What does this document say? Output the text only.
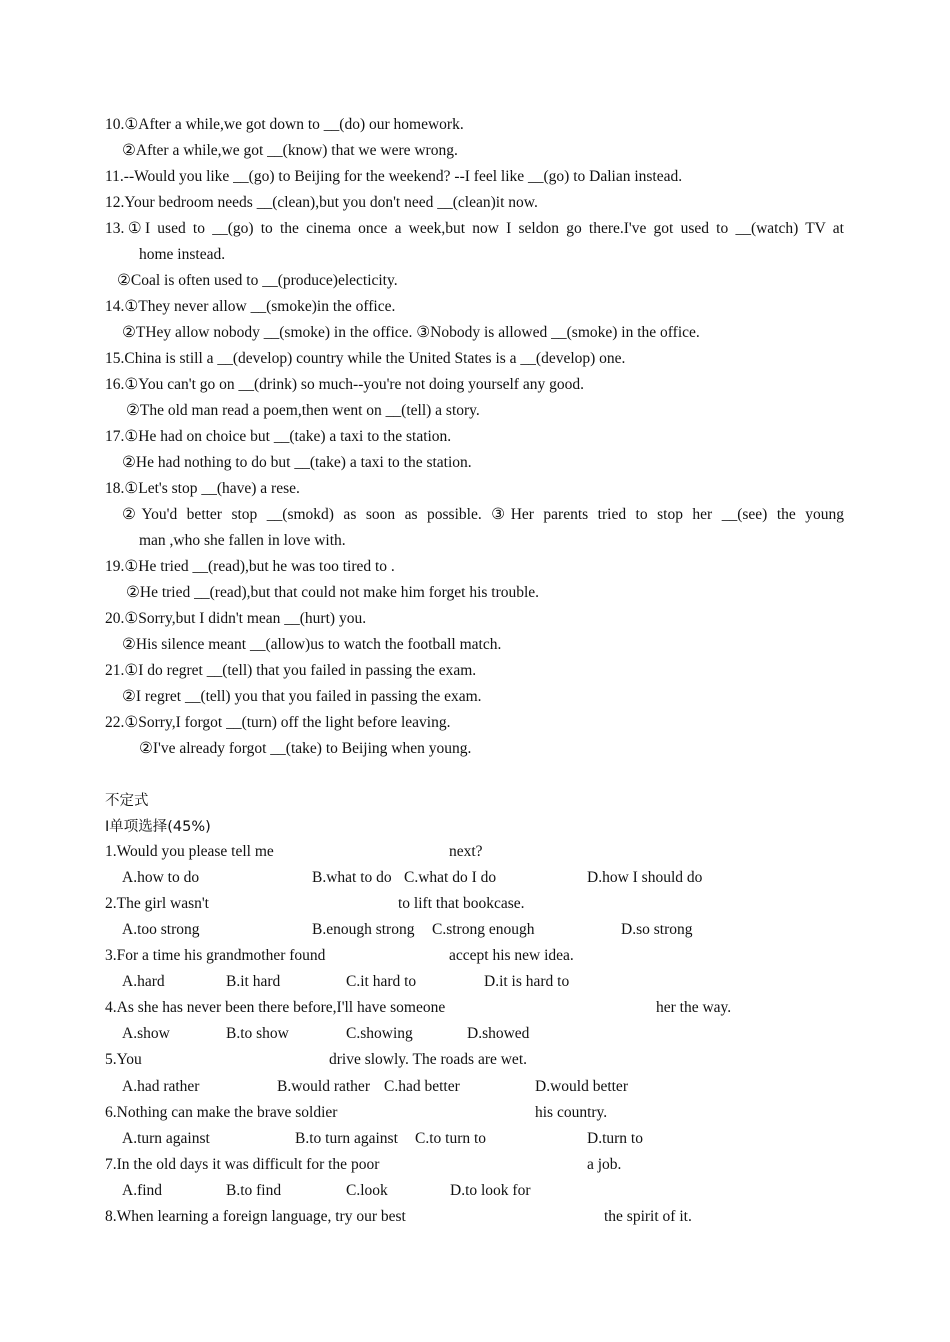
10.①After a while,we got down to __(do) our homework.
②After a while,we got __(know) that we were wrong.
11.--Would you like __(go) to Beijing for the weekend? --I feel like __(go) to Dalian instead.
12.Your bedroom needs __(clean),but you don't need __(clean)it now.
13.①I used to __(go) to the cinema once a week,but now I seldon go there.I've got used to __(watch) TV at
home instead.
②Coal is often used to __(produce)electicity.
14.①They never allow __(smoke)in the office.
②THey allow nobody __(smoke) in the office. ③Nobody is allowed __(smoke) in the office.
15.China is still a __(develop) country while the United States is a __(develop) one.
16.①You can't go on __(drink) so much--you're not doing yourself any good.
②The old man read a poem,then went on __(tell) a story.
17.①He had on choice but __(take) a taxi to the station.
②He had nothing to do but __(take) a taxi to the station.
18.①Let's stop __(have) a rese.
②You'd better stop __(smokd) as soon as possible. ③Her parents tried to stop her __(see) the young
man ,who she fallen in love with.
19.①He tried __(read),but he was too tired to .
②He tried __(read),but that could not make him forget his trouble.
20.①Sorry,but I didn't mean __(hurt) you.
②His silence meant __(allow)us to watch the football match.
21.①I do regret __(tell) that you failed in passing the exam.
②I regret __(tell) you that you failed in passing the exam.
22.①Sorry,I forgot __(turn) off the light before leaving.
②I've already forgot __(take) to Beijing when young.
不定式
Ⅰ单项选择(45%)
1.Would you please tell me	next?
A.how to do	B.what to do C.what do I do	D.how I should do
2.The girl wasn't	to lift that bookcase.
A.too strong	B.enough strong C.strong enough	D.so strong
3.For a time his grandmother found	accept his new idea.
A.hard	B.it hard	C.it hard to	D.it is hard to
4.As she has never been there before,I'll have someone	her the way.
A.show	B.to show	C.showing	D.showed
5.You	drive slowly. The roads are wet.
A.had rather	B.would rather C.had better	D.would better
6.Nothing can make the brave soldier	his country.
A.turn against	B.to turn against C.to turn to	D.turn to
7.In the old days it was difficult for the poor	a job.
A.find	B.to find	C.look	D.to look for
8.When learning a foreign language, try our best	the spirit of it.
